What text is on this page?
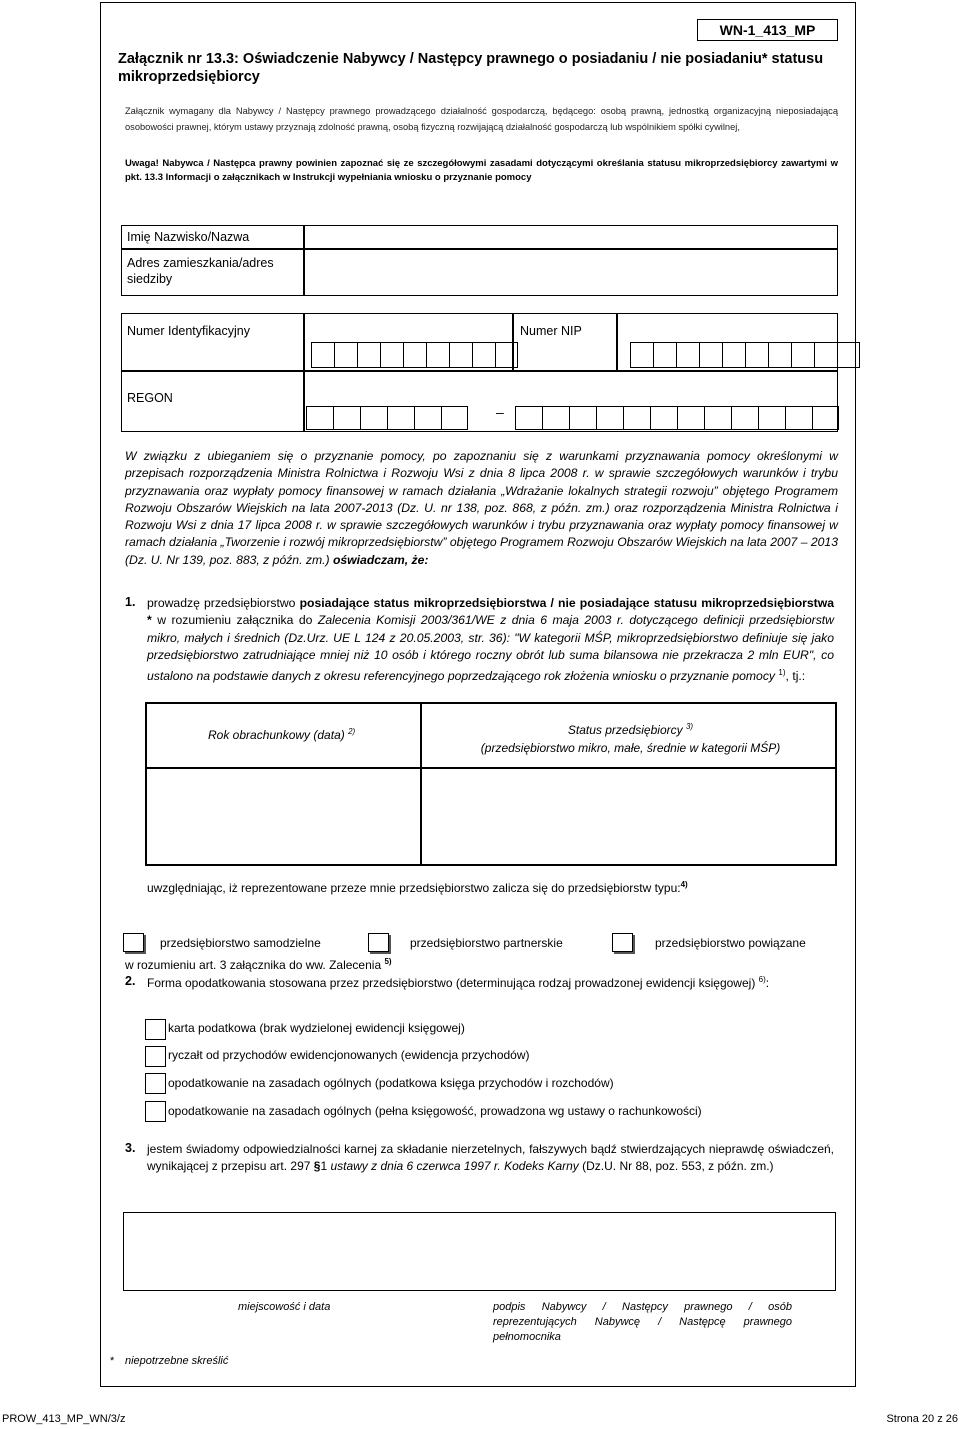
WN-1_413_MP
Załącznik nr 13.3: Oświadczenie Nabywcy / Następcy prawnego o posiadaniu / nie posiadaniu* statusu mikroprzedsiębiorcy
Załącznik wymagany dla Nabywcy / Następcy prawnego prowadzącego działalność gospodarczą, będącego: osobą prawną, jednostką organizacyjną nieposiadającą osobowości prawnej, którym ustawy przyznają zdolność prawną, osobą fizyczną rozwijającą działalność gospodarczą lub wspólnikiem spółki cywilnej,
Uwaga! Nabywca / Następca prawny powinien zapoznać się ze szczegółowymi zasadami dotyczącymi określania statusu mikroprzedsiębiorcy zawartymi w pkt. 13.3 Informacji o załącznikach w Instrukcji wypełniania wniosku o przyznanie pomocy
Imię Nazwisko/Nazwa
Adres zamieszkania/adres siedziby
Numer Identyfikacyjny	Numer NIP
REGON
–
W związku z ubieganiem się o przyznanie pomocy, po zapoznaniu się z warunkami przyznawania pomocy określonymi w przepisach rozporządzenia Ministra Rolnictwa i Rozwoju Wsi z dnia 8 lipca 2008 r. w sprawie szczegółowych warunków i trybu przyznawania oraz wypłaty pomocy finansowej w ramach działania „Wdrażanie lokalnych strategii rozwoju” objętego Programem Rozwoju Obszarów Wiejskich na lata 2007-2013 (Dz. U. nr 138, poz. 868, z późn. zm.) oraz rozporządzenia Ministra Rolnictwa i Rozwoju Wsi z dnia 17 lipca 2008 r. w sprawie szczegółowych warunków i trybu przyznawania oraz wypłaty pomocy finansowej w ramach działania „Tworzenie i rozwój mikroprzedsiębiorstw” objętego Programem Rozwoju Obszarów Wiejskich na lata 2007 – 2013 (Dz. U. Nr 139, poz. 883, z późn. zm.) oświadczam, że:
1. prowadzę przedsiębiorstwo posiadające status mikroprzedsiębiorstwa / nie posiadające statusu mikroprzedsiębiorstwa * w rozumieniu załącznika do Zalecenia Komisji 2003/361/WE z dnia 6 maja 2003 r. dotyczącego definicji przedsiębiorstw mikro, małych i średnich (Dz.Urz. UE L 124 z 20.05.2003, str. 36): "W kategorii MŚP, mikroprzedsiębiorstwo definiuje się jako przedsiębiorstwo zatrudniające mniej niż 10 osób i którego roczny obrót lub suma bilansowa nie przekracza 2 mln EUR", co ustalono na podstawie danych z okresu referencyjnego poprzedzającego rok złożenia wniosku o przyznanie pomocy $^{1)}$, tj.:
Rok obrachunkowy (data) $^{2)}$	Status przedsiębiorcy $^{3)}$
(przedsiębiorstwo mikro, małe, średnie w kategorii MŚP)
uwzględniając, iż reprezentowane przeze mnie przedsiębiorstwo zalicza się do przedsiębiorstw typu:$^{4)}$
przedsiębiorstwo samodzielne	przedsiębiorstwo partnerskie	przedsiębiorstwo powiązane
w rozumieniu art. 3 załącznika do ww. Zalecenia $^{5)}$
2. Forma opodatkowania stosowana przez przedsiębiorstwo (determinująca rodzaj prowadzonej ewidencji księgowej) $^{6)}$:
karta podatkowa (brak wydzielonej ewidencji księgowej)
ryczałt od przychodów ewidencjonowanych (ewidencja przychodów)
opodatkowanie na zasadach ogólnych (podatkowa księga przychodów i rozchodów)
opodatkowanie na zasadach ogólnych (pełna księgowość, prowadzona wg ustawy o rachunkowości)
3. jestem świadomy odpowiedzialności karnej za składanie nierzetelnych, fałszywych bądź stwierdzających nieprawdę oświadczeń, wynikającej z przepisu art. 297 §1 ustawy z dnia 6 czerwca 1997 r. Kodeks Karny (Dz.U. Nr 88, poz. 553, z późn. zm.)
miejscowość i data	podpis Nabywcy / Następcy prawnego / osób reprezentujących Nabywcę / Następcę prawnego pełnomocnika
* niepotrzebne skreślić
PROW_413_MP_WN/3/z	Strona 20 z 26
